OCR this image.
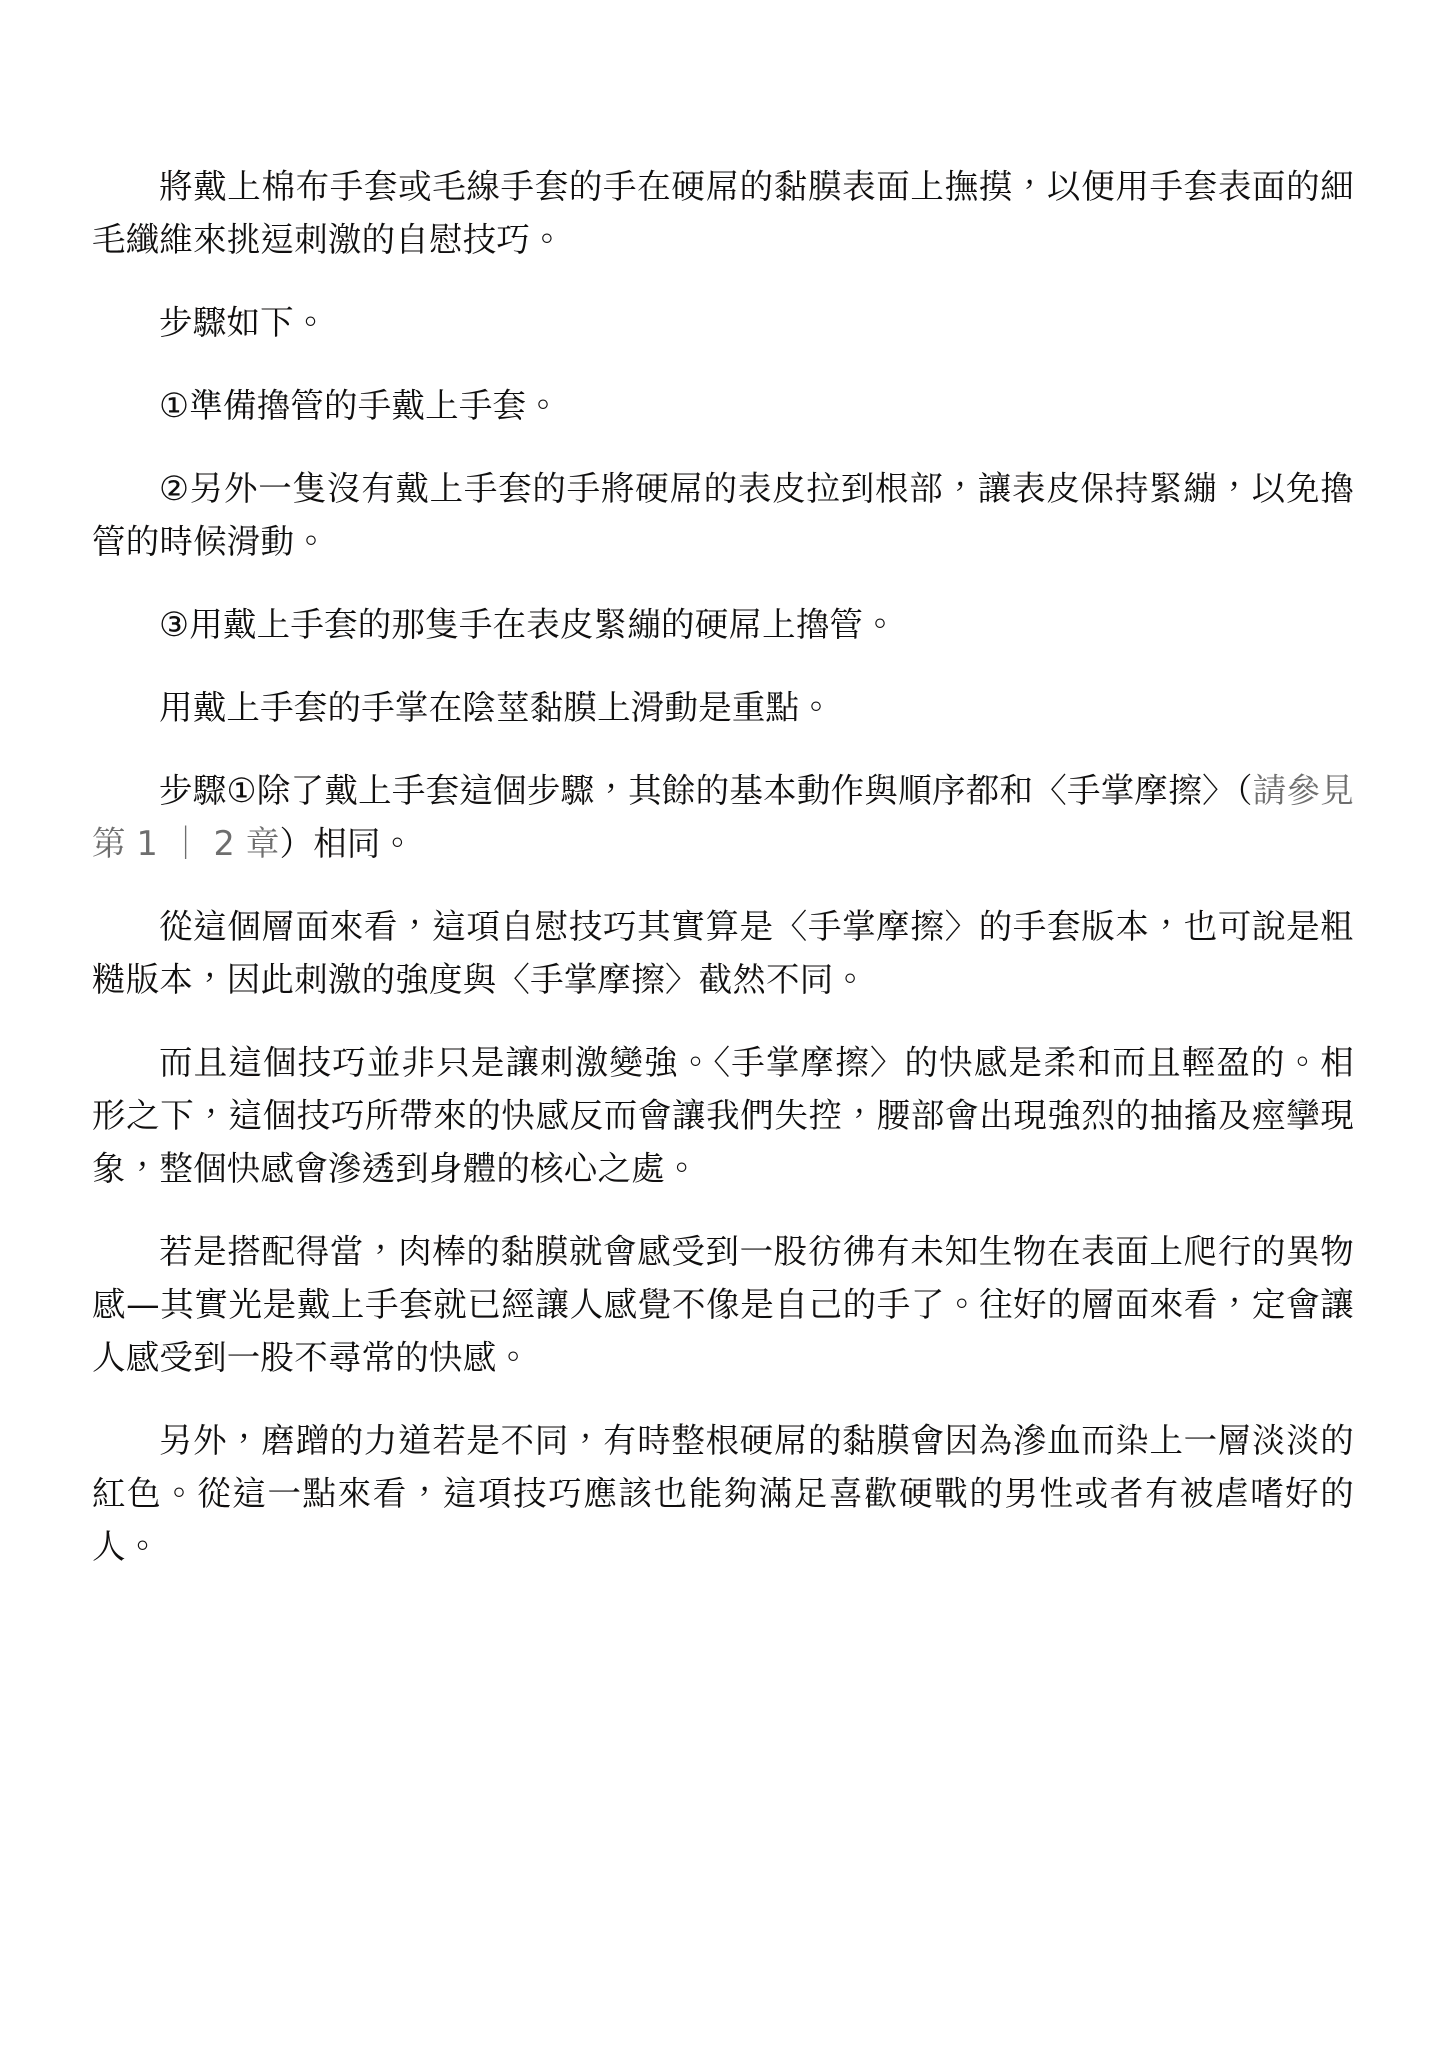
將戴上棉布手套或毛線手套的手在硬屌的黏膜表面上撫摸，以便用手套表面的細毛纖維來挑逗刺激的自慰技巧。

步驟如下。

①準備擼管的手戴上手套。

②另外一隻沒有戴上手套的手將硬屌的表皮拉到根部，讓表皮保持緊繃，以免擼管的時候滑動。

③用戴上手套的那隻手在表皮緊繃的硬屌上擼管。

用戴上手套的手掌在陰莖黏膜上滑動是重點。

步驟①除了戴上手套這個步驟，其餘的基本動作與順序都和〈手掌摩擦〉（請參見第 1 ｜ 2 章）相同。

從這個層面來看，這項自慰技巧其實算是〈手掌摩擦〉的手套版本，也可說是粗糙版本，因此刺激的強度與〈手掌摩擦〉截然不同。

而且這個技巧並非只是讓刺激變強。〈手掌摩擦〉的快感是柔和而且輕盈的。相形之下，這個技巧所帶來的快感反而會讓我們失控，腰部會出現強烈的抽搐及痙攣現象，整個快感會滲透到身體的核心之處。

若是搭配得當，肉棒的黏膜就會感受到一股彷彿有未知生物在表面上爬行的異物感—其實光是戴上手套就已經讓人感覺不像是自己的手了。往好的層面來看，定會讓人感受到一股不尋常的快感。

另外，磨蹭的力道若是不同，有時整根硬屌的黏膜會因為滲血而染上一層淡淡的紅色。從這一點來看，這項技巧應該也能夠滿足喜歡硬戰的男性或者有被虐嗜好的人。
